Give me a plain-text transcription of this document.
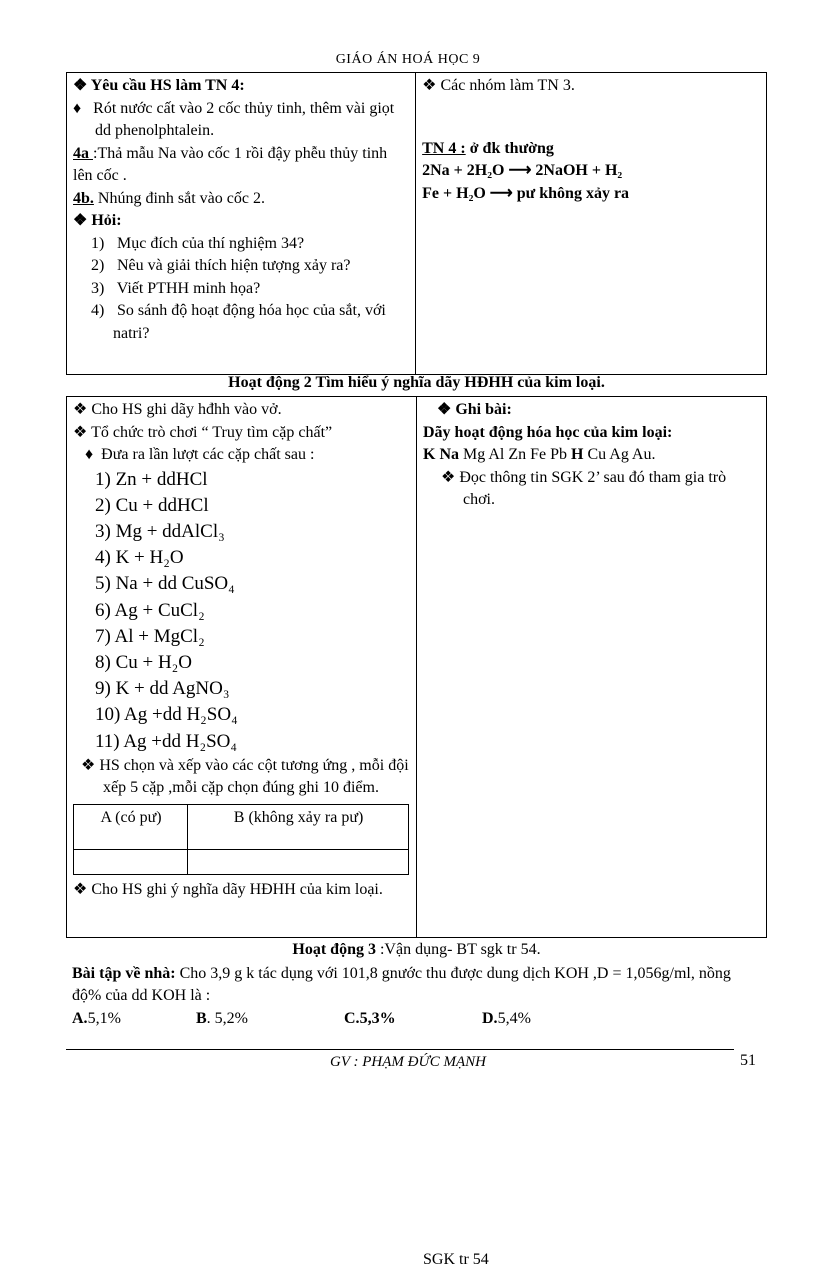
GIÁO ÁN HOÁ HỌC 9
❖ Yêu cầu HS làm TN 4:
♦   Rót nước cất vào 2 cốc thủy tinh, thêm vài giọt dd phenolphtalein.
4a :Thả mẫu Na vào cốc 1 rồi đậy phễu thủy tinh lên cốc .
4b. Nhúng đinh sắt vào cốc 2.
❖ Hỏi:
1) Mục đích của thí nghiệm 34?
2) Nêu và giải thích hiện tượng xảy ra?
3) Viết PTHH minh họa?
4) So sánh độ hoạt động hóa học của sắt, với natri?

❖ Các nhóm làm TN 3.
TN 4 : ở đk thường
2Na + 2H₂O ⟶ 2NaOH + H₂
Fe + H₂O ⟶ pư không xảy ra
Hoạt động 2 Tìm hiểu ý nghĩa dãy HĐHH của kim loại.
❖ Cho HS ghi dãy hđhh vào vở.
❖ Tổ chức trò chơi “ Truy tìm cặp chất”
♦  Đưa ra lần lượt các cặp chất sau :
1) Zn + ddHCl
2) Cu + ddHCl
3) Mg + ddAlCl₃
4) K + H₂O
5) Na + dd CuSO₄
6) Ag + CuCl₂
7) Al + MgCl₂
8) Cu + H₂O
9) K + dd AgNO₃
10) Ag +dd H₂SO₄
11) Ag +dd H₂SO₄
❖ HS chọn và xếp vào các cột tương ứng , mỗi đội xếp 5 cặp ,mỗi cặp chọn đúng ghi 10 điểm.
A (có pư)	B (không xảy ra pư)

❖ Cho HS ghi ý nghĩa dãy HĐHH của kim loại.

❖ Ghi bài:
Dãy hoạt động hóa học của kim loại:
K Na Mg Al Zn Fe Pb H Cu Ag Au.
❖ Đọc thông tin SGK 2’ sau đó tham gia trò chơi.
SGK tr 54
Hoạt động 3 :Vận dụng- BT sgk tr 54.
Bài tập về nhà: Cho 3,9 g k tác dụng với 101,8 gnước thu được dung dịch KOH ,D = 1,056g/ml, nồng độ% của dd KOH là :
A. 5,1%	B . 5,2%	C.5,3%	D. 5,4%
GV : PHẠM ĐỨC MẠNH	51
